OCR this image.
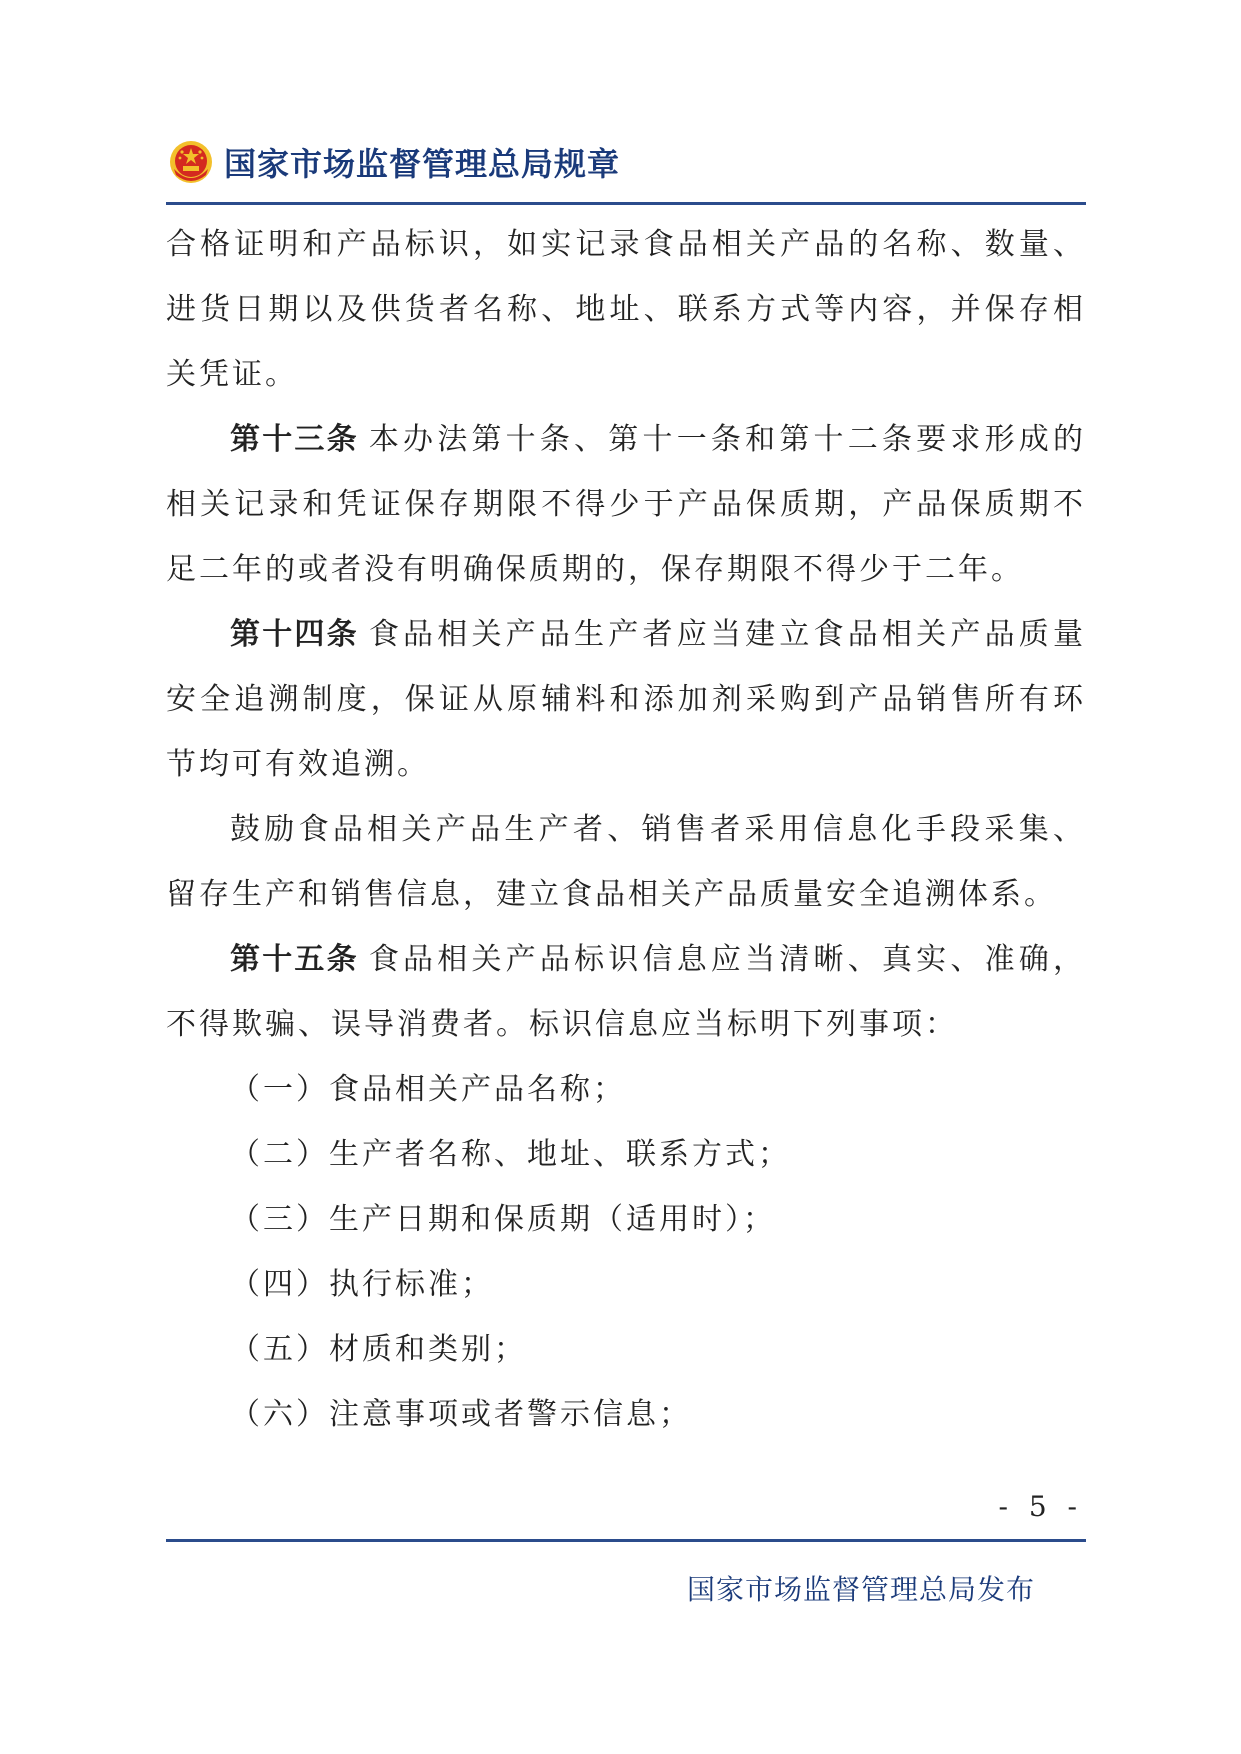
国家市场监督管理总局规章

合格证明和产品标识，如实记录食品相关产品的名称、数量、进货日期以及供货者名称、地址、联系方式等内容，并保存相关凭证。

第十三条 本办法第十条、第十一条和第十二条要求形成的相关记录和凭证保存期限不得少于产品保质期，产品保质期不足二年的或者没有明确保质期的，保存期限不得少于二年。

第十四条 食品相关产品生产者应当建立食品相关产品质量安全追溯制度，保证从原辅料和添加剂采购到产品销售所有环节均可有效追溯。

鼓励食品相关产品生产者、销售者采用信息化手段采集、留存生产和销售信息，建立食品相关产品质量安全追溯体系。

第十五条 食品相关产品标识信息应当清晰、真实、准确，不得欺骗、误导消费者。标识信息应当标明下列事项：

（一）食品相关产品名称；

（二）生产者名称、地址、联系方式；

（三）生产日期和保质期（适用时）；

（四）执行标准；

（五）材质和类别；

（六）注意事项或者警示信息；

- 5 -
国家市场监督管理总局发布
